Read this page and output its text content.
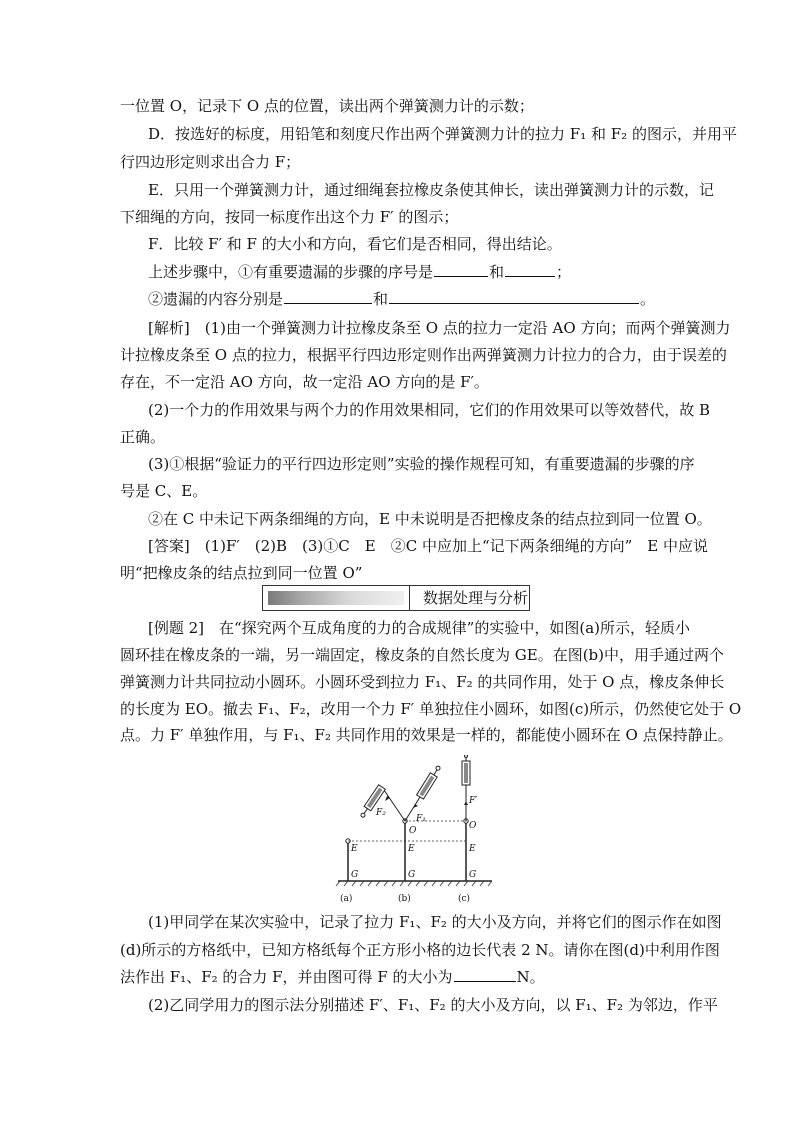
一位置 O，记录下 O 点的位置，读出两个弹簧测力计的示数；
D．按选好的标度，用铅笔和刻度尺作出两个弹簧测力计的拉力 F₁ 和 F₂ 的图示，并用平
行四边形定则求出合力 F；
E．只用一个弹簧测力计，通过细绳套拉橡皮条使其伸长，读出弹簧测力计的示数，记
下细绳的方向，按同一标度作出这个力 F′ 的图示；
F．比较 F′ 和 F 的大小和方向，看它们是否相同，得出结论。
上述步骤中，①有重要遗漏的步骤的序号是	和	；
②遗漏的内容分别是	和	。
[解析]　(1)由一个弹簧测力计拉橡皮条至 O 点的拉力一定沿 AO 方向；而两个弹簧测力
计拉橡皮条至 O 点的拉力，根据平行四边形定则作出两弹簧测力计拉力的合力，由于误差的
存在，不一定沿 AO 方向，故一定沿 AO 方向的是 F′。
(2)一个力的作用效果与两个力的作用效果相同，它们的作用效果可以等效替代，故 B
正确。
(3)①根据“验证力的平行四边形定则”实验的操作规程可知，有重要遗漏的步骤的序
号是 C、E。
②在 C 中未记下两条细绳的方向，E 中未说明是否把橡皮条的结点拉到同一位置 O。
[答案]　(1)F′　(2)B　(3)①C　E　②C 中应加上“记下两条细绳的方向”　E 中应说
明“把橡皮条的结点拉到同一位置 O”
数据处理与分析
[例题 2]　在“探究两个互成角度的力的合成规律”的实验中，如图(a)所示，轻质小
圆环挂在橡皮条的一端，另一端固定，橡皮条的自然长度为 GE。在图(b)中，用手通过两个
弹簧测力计共同拉动小圆环。小圆环受到拉力 F₁、F₂ 的共同作用，处于 O 点，橡皮条伸长
的长度为 EO。撤去 F₁、F₂，改用一个力 F′ 单独拉住小圆环，如图(c)所示，仍然使它处于 O
点。力 F′ 单独作用，与 F₁、F₂ 共同作用的效果是一样的，都能使小圆环在 O 点保持静止。
E
G
E
G
O
F₂
F₁
E
G
O
F′
(a)	(b)	(c)
(1)甲同学在某次实验中，记录了拉力 F₁、F₂ 的大小及方向，并将它们的图示作在如图
(d)所示的方格纸中，已知方格纸每个正方形小格的边长代表 2 N。请你在图(d)中利用作图
法作出 F₁、F₂ 的合力 F，并由图可得 F 的大小为	N。
(2)乙同学用力的图示法分别描述 F′、F₁、F₂ 的大小及方向，以 F₁、F₂ 为邻边，作平
